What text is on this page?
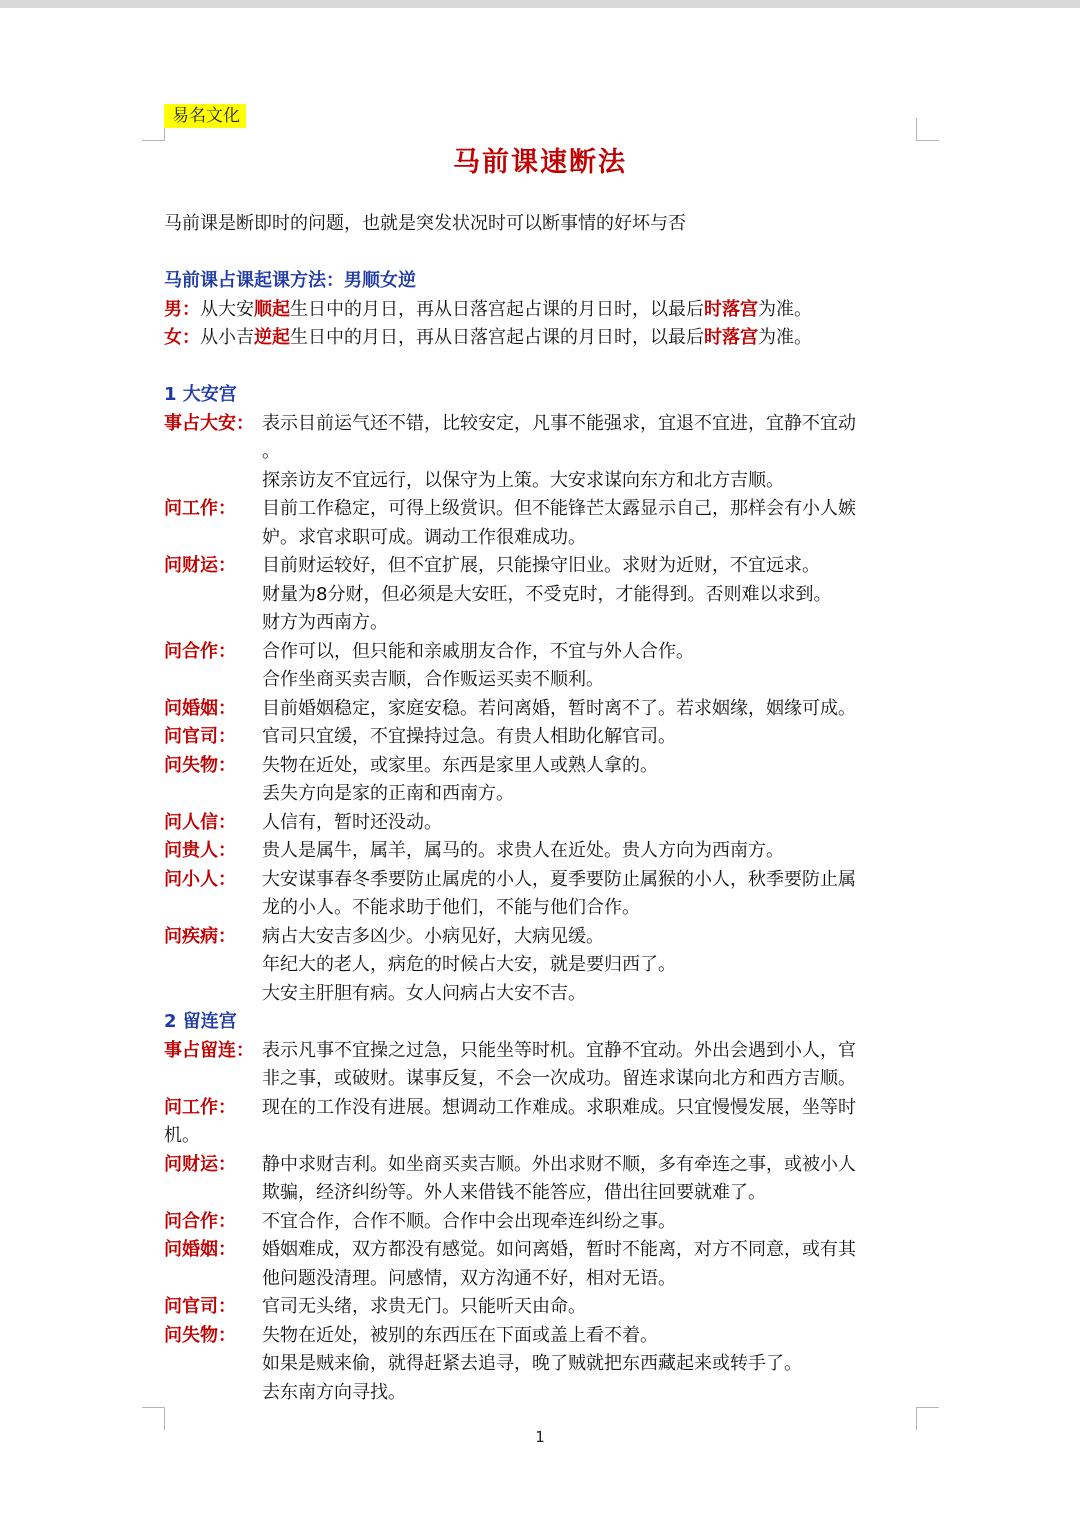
易名文化
马前课速断法

马前课是断即时的问题，也就是突发状况时可以断事情的好坏与否

马前课占课起课方法：男顺女逆

男：从大安顺起生日中的月日，再从日落宫起占课的月日时，以最后时落宫为准。

女：从小吉逆起生日中的月日，再从日落宫起占课的月日时，以最后时落宫为准。

1 大安宫

事占大安： 表示目前运气还不错，比较安定，凡事不能强求，宜退不宜进，宜静不宜动
。
探亲访友不宜远行，以保守为上策。大安求谋向东方和北方吉顺。
问工作：	目前工作稳定，可得上级赏识。但不能锋芒太露显示自己，那样会有小人嫉
妒。求官求职可成。调动工作很难成功。
问财运：	目前财运较好，但不宜扩展，只能操守旧业。求财为近财，不宜远求。
财量为8分财，但必须是大安旺，不受克时，才能得到。否则难以求到。
财方为西南方。
问合作：	合作可以，但只能和亲戚朋友合作，不宜与外人合作。
合作坐商买卖吉顺，合作贩运买卖不顺利。
问婚姻：	目前婚姻稳定，家庭安稳。若问离婚，暂时离不了。若求姻缘，姻缘可成。
问官司：	官司只宜缓，不宜操持过急。有贵人相助化解官司。
问失物：	失物在近处，或家里。东西是家里人或熟人拿的。
丢失方向是家的正南和西南方。
问人信：	人信有，暂时还没动。
问贵人：	贵人是属牛，属羊，属马的。求贵人在近处。贵人方向为西南方。
问小人：	大安谋事春冬季要防止属虎的小人，夏季要防止属猴的小人，秋季要防止属
龙的小人。不能求助于他们，不能与他们合作。
问疾病：	病占大安吉多凶少。小病见好，大病见缓。
年纪大的老人，病危的时候占大安，就是要归西了。
大安主肝胆有病。女人问病占大安不吉。

2 留连宫

事占留连： 表示凡事不宜操之过急，只能坐等时机。宜静不宜动。外出会遇到小人，官
非之事，或破财。谋事反复，不会一次成功。留连求谋向北方和西方吉顺。
问工作：	现在的工作没有进展。想调动工作难成。求职难成。只宜慢慢发展，坐等时
机。
问财运：	静中求财吉利。如坐商买卖吉顺。外出求财不顺，多有牵连之事，或被小人
欺骗，经济纠纷等。外人来借钱不能答应，借出往回要就难了。
问合作：	不宜合作，合作不顺。合作中会出现牵连纠纷之事。
问婚姻：	婚姻难成，双方都没有感觉。如问离婚，暂时不能离，对方不同意，或有其
他问题没清理。问感情，双方沟通不好，相对无语。
问官司：	官司无头绪，求贵无门。只能听天由命。
问失物：	失物在近处，被别的东西压在下面或盖上看不着。
如果是贼来偷，就得赶紧去追寻，晚了贼就把东西藏起来或转手了。
去东南方向寻找。
1
